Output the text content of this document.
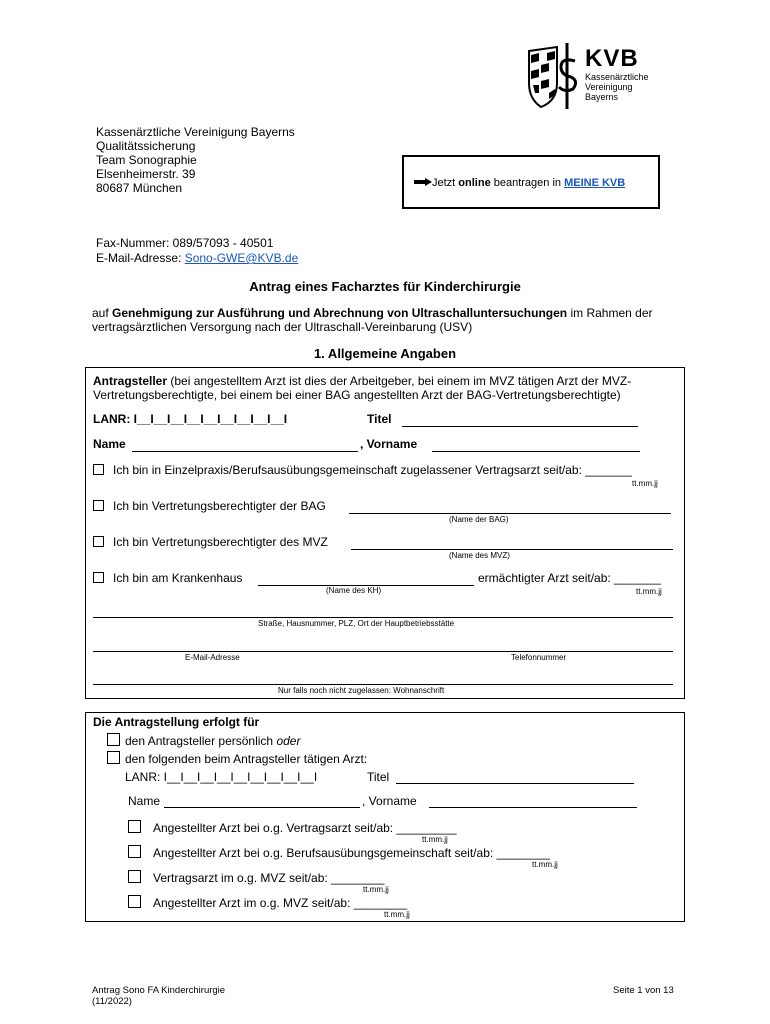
KVB
Kassenärztliche
Vereinigung
Bayerns
Kassenärztliche Vereinigung Bayerns
Qualitätssicherung
Team Sonographie
Elsenheimerstr. 39
80687 München	Jetzt online beantragen in MEINE KVB
Fax-Nummer: 089/57093 - 40501
E-Mail-Adresse: Sono-GWE@KVB.de
Antrag eines Facharztes für Kinderchirurgie
auf Genehmigung zur Ausführung und Abrechnung von Ultraschalluntersuchungen im Rahmen der vertragsärztlichen Versorgung nach der Ultraschall-Vereinbarung (USV)
1. Allgemeine Angaben
Antragsteller (bei angestelltem Arzt ist dies der Arbeitgeber, bei einem im MVZ tätigen Arzt der MVZ-Vertretungsberechtigte, bei einem bei einer BAG angestellten Arzt der BAG-Vertretungsberechtigte)
LANR: I__I__I__I__I__I__I__I__I__I	Titel
Name	, Vorname
Ich bin in Einzelpraxis/Berufsausübungsgemeinschaft zugelassener Vertragsarzt seit/ab: _______
tt.mm.jj
Ich bin Vertretungsberechtigter der BAG
(Name der BAG)
Ich bin Vertretungsberechtigter des MVZ
(Name des MVZ)
Ich bin am Krankenhaus	ermächtigter Arzt seit/ab: _______
(Name des KH)	tt.mm.jj
Straße, Hausnummer, PLZ, Ort der Hauptbetriebsstätte
E-Mail-Adresse	Telefonnummer
Nur falls noch nicht zugelassen: Wohnanschrift
Die Antragstellung erfolgt für
den Antragsteller persönlich oder
den folgenden beim Antragsteller tätigen Arzt:
LANR: I__I__I__I__I__I__I__I__I__I	Titel
Name	, Vorname
Angestellter Arzt bei o.g. Vertragsarzt seit/ab: _________
tt.mm.jj
Angestellter Arzt bei o.g. Berufsausübungsgemeinschaft seit/ab: ________
tt.mm.jj
Vertragsarzt im o.g. MVZ seit/ab: ________
tt.mm.jj
Angestellter Arzt im o.g. MVZ seit/ab: ________
tt.mm.jj
Antrag Sono FA Kinderchirurgie
(11/2022)
Seite 1 von 13
